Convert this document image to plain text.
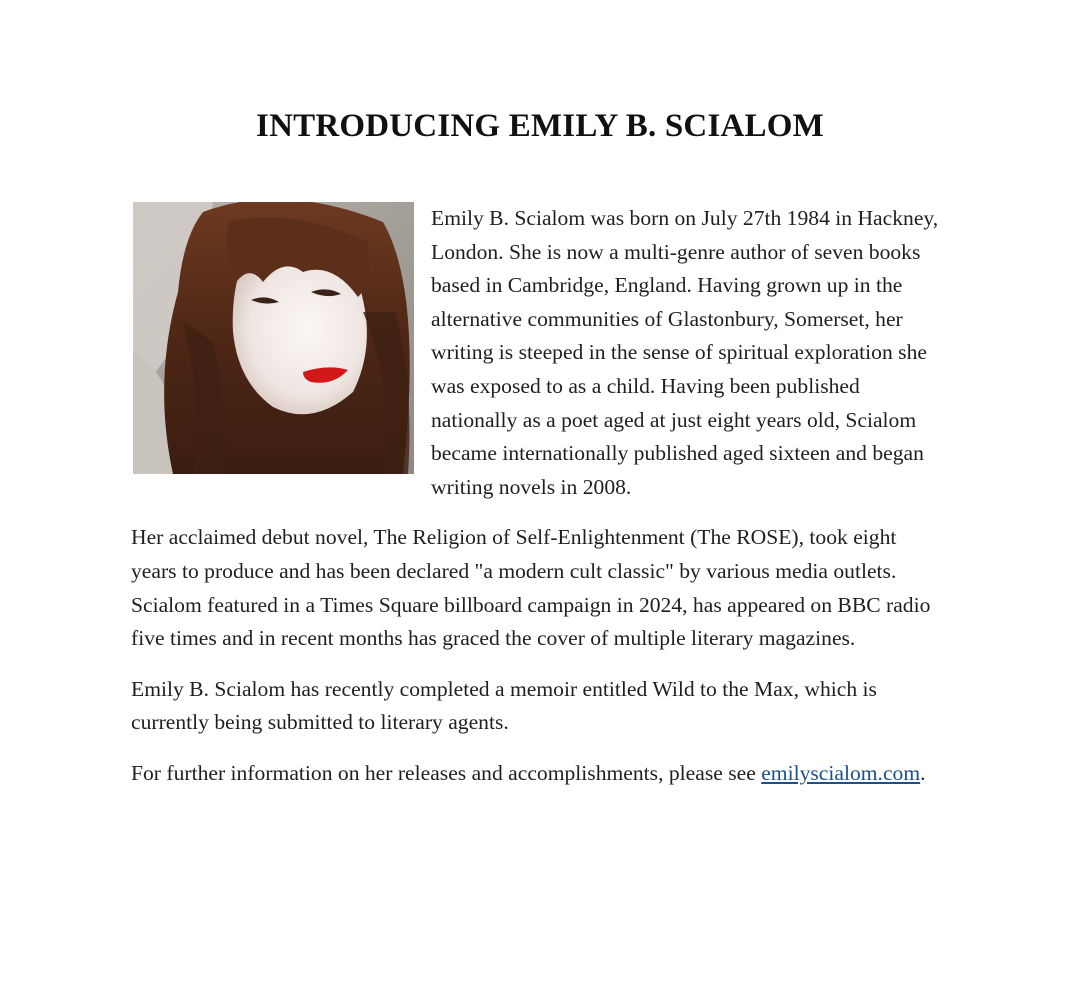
INTRODUCING EMILY B. SCIALOM

Emily B. Scialom was born on July 27th 1984 in Hackney, London. She is now a multi-genre author of seven books based in Cambridge, England. Having grown up in the alternative communities of Glastonbury, Somerset, her writing is steeped in the sense of spiritual exploration she was exposed to as a child. Having been published nationally as a poet aged at just eight years old, Scialom became internationally published aged sixteen and began writing novels in 2008.

Her acclaimed debut novel, The Religion of Self-Enlightenment (The ROSE), took eight years to produce and has been declared "a modern cult classic" by various media outlets. Scialom featured in a Times Square billboard campaign in 2024, has appeared on BBC radio five times and in recent months has graced the cover of multiple literary magazines.

Emily B. Scialom has recently completed a memoir entitled Wild to the Max, which is currently being submitted to literary agents.

For further information on her releases and accomplishments, please see emilyscialom.com.
